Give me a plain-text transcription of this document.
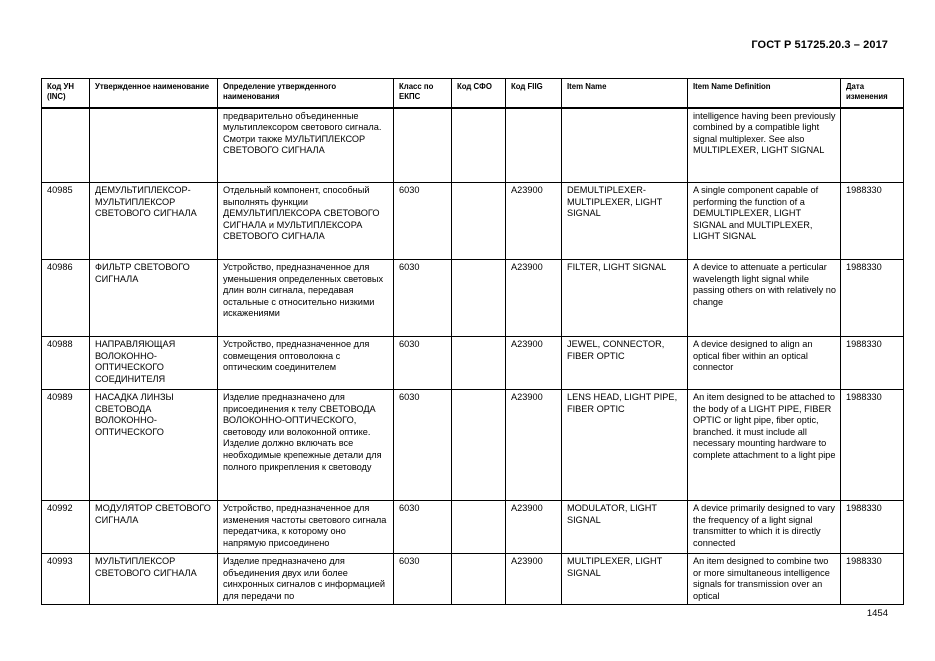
ГОСТ Р 51725.20.3 – 2017
Код УН (INC)	Утвержденное наименование	Определение утвержденного наименования	Класс по ЕКПС	Код СФО	Код FIIG	Item Name	Item Name Definition	Дата изменения
		предварительно объединенные мультиплексором светового сигнала. Смотри также МУЛЬТИПЛЕКСОР СВЕТОВОГО СИГНАЛА					intelligence having been previously combined by a compatible light signal multiplexer. See also MULTIPLEXER, LIGHT SIGNAL	
40985	ДЕМУЛЬТИПЛЕКСОР-МУЛЬТИПЛЕКСОР СВЕТОВОГО СИГНАЛА	Отдельный компонент, способный выполнять функции ДЕМУЛЬТИПЛЕКСОРА СВЕТОВОГО СИГНАЛА и МУЛЬТИПЛЕКСОРА СВЕТОВОГО СИГНАЛА	6030		A23900	DEMULTIPLEXER-MULTIPLEXER, LIGHT SIGNAL	A single component capable of performing the function of a DEMULTIPLEXER, LIGHT SIGNAL and MULTIPLEXER, LIGHT SIGNAL	1988330
40986	ФИЛЬТР СВЕТОВОГО СИГНАЛА	Устройство, предназначенное для уменьшения определенных световых длин волн сигнала, передавая остальные с относительно низкими искажениями	6030		A23900	FILTER, LIGHT SIGNAL	A device to attenuate a perticular wavelength light signal while passing others on with relatively no change	1988330
40988	НАПРАВЛЯЮЩАЯ ВОЛОКОННО-ОПТИЧЕСКОГО СОЕДИНИТЕЛЯ	Устройство, предназначенное для совмещения оптоволокна с оптическим соединителем	6030		A23900	JEWEL, CONNECTOR, FIBER OPTIC	A device designed to align an optical fiber within an optical connector	1988330
40989	НАСАДКА ЛИНЗЫ СВЕТОВОДА ВОЛОКОННО-ОПТИЧЕСКОГО	Изделие предназначено для присоединения к телу СВЕТОВОДА ВОЛОКОННО-ОПТИЧЕСКОГО, световоду или волоконной оптике. Изделие должно включать все необходимые крепежные детали для полного прикрепления к световоду	6030		A23900	LENS HEAD, LIGHT PIPE, FIBER OPTIC	An item designed to be attached to the body of a LIGHT PIPE, FIBER OPTIC or light pipe, fiber optic, branched. it must include all necessary mounting hardware to complete attachment to a light pipe	1988330
40992	МОДУЛЯТОР СВЕТОВОГО СИГНАЛА	Устройство, предназначенное для изменения частоты светового сигнала передатчика, к которому оно напрямую присоединено	6030		A23900	MODULATOR, LIGHT SIGNAL	A device primarily designed to vary the frequency of a light signal transmitter to which it is directly connected	1988330
40993	МУЛЬТИПЛЕКСОР СВЕТОВОГО СИГНАЛА	Изделие предназначено для объединения двух или более синхронных сигналов с информацией для передачи по	6030		A23900	MULTIPLEXER, LIGHT SIGNAL	An item designed to combine two or more simultaneous intelligence signals for transmission over an optical	1988330
1454
